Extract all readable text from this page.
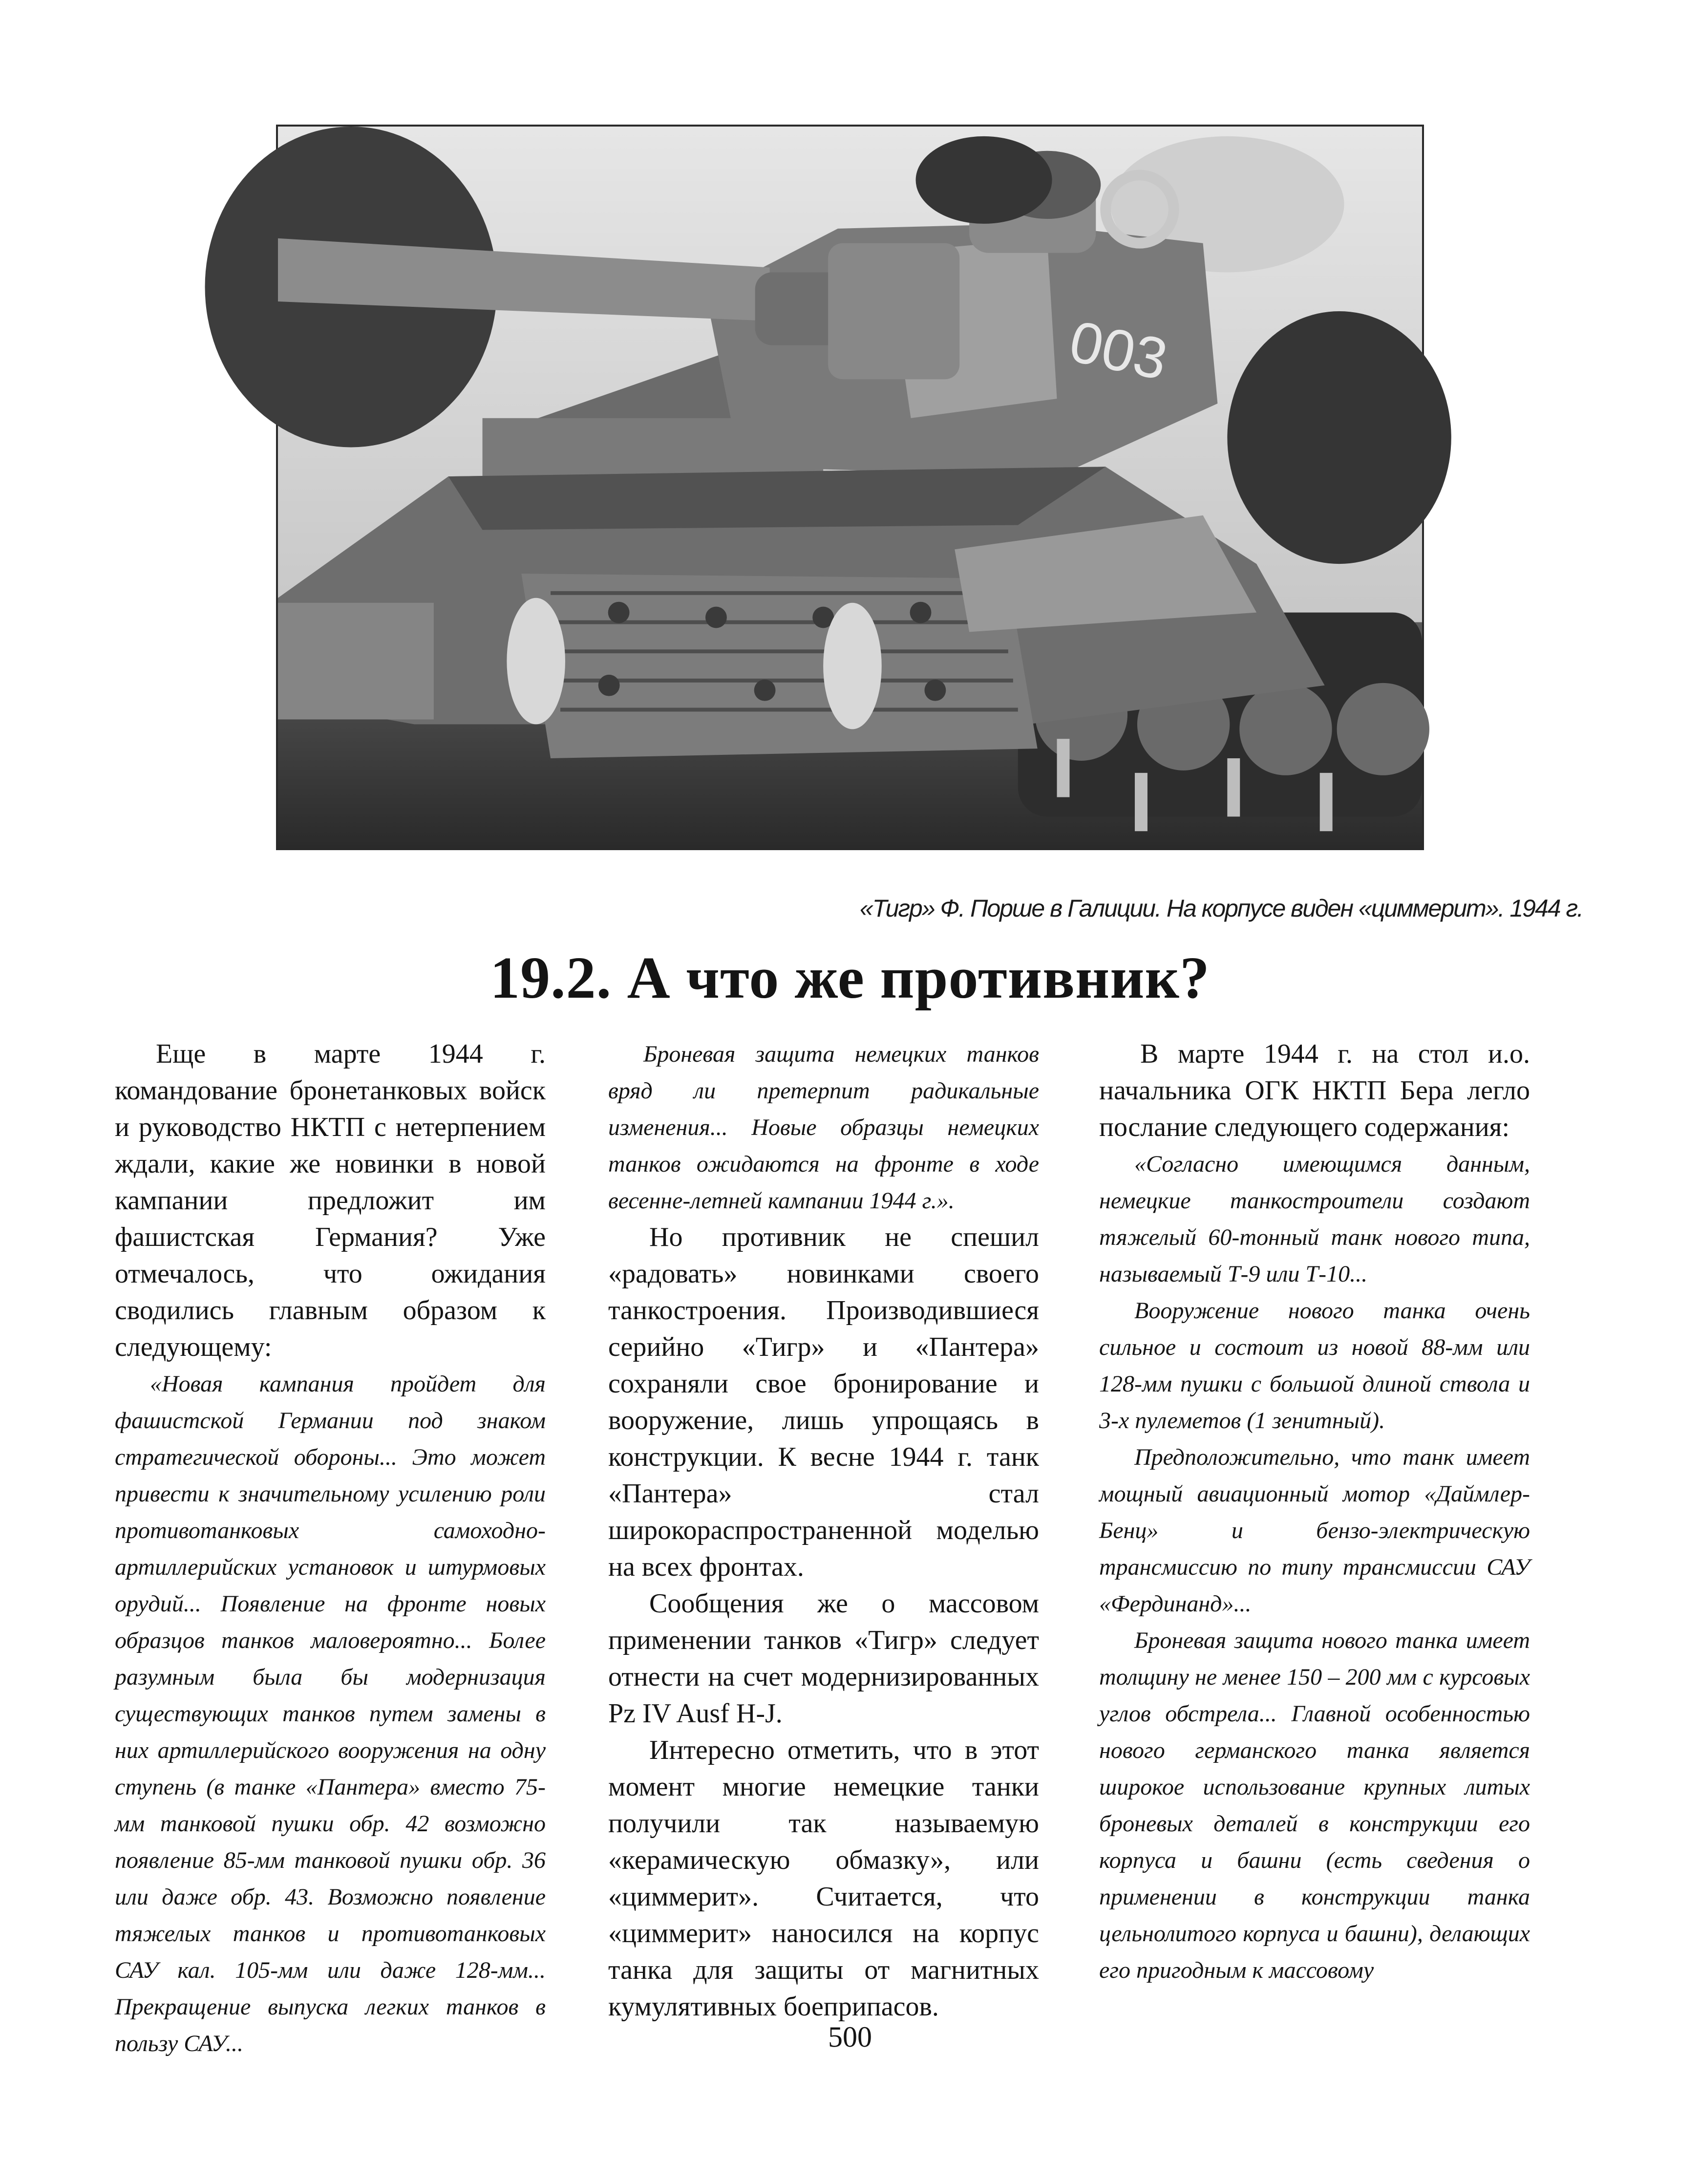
003
«Тигр» Ф. Порше в Галиции. На корпусе виден «циммерит». 1944 г.
19.2. А что же противник?

Еще в марте 1944 г. командование бронетанковых войск и руководство НКТП с нетерпением ждали, какие же новинки в новой кампании предложит им фашистская Германия? Уже отмечалось, что ожидания сводились главным образом к следующему:

«Новая кампания пройдет для фашистской Германии под знаком стратегической обороны... Это может привести к значительному усилению роли противотанковых самоходно-артиллерийских установок и штурмовых орудий... Появление на фронте новых образцов танков маловероятно... Более разумным была бы модернизация существующих танков путем замены в них артиллерийского вооружения на одну ступень (в танке «Пантера» вместо 75-мм танковой пушки обр. 42 возможно появление 85-мм танковой пушки обр. 36 или даже обр. 43. Возможно появление тяжелых танков и противотанковых САУ кал. 105-мм или даже 128-мм... Прекращение выпуска легких танков в пользу САУ...

Броневая защита немецких танков вряд ли претерпит радикальные изменения... Новые образцы немецких танков ожидаются на фронте в ходе весенне-летней кампании 1944 г.».

Но противник не спешил «радовать» новинками своего танкостроения. Производившиеся серийно «Тигр» и «Пантера» сохраняли свое бронирование и вооружение, лишь упрощаясь в конструкции. К весне 1944 г. танк «Пантера» стал широкораспространенной моделью на всех фронтах.

Сообщения же о массовом применении танков «Тигр» следует отнести на счет модернизированных Pz IV Ausf H-J.

Интересно отметить, что в этот момент многие немецкие танки получили так называемую «керамическую обмазку», или «циммерит». Считается, что «циммерит» наносился на корпус танка для защиты от магнитных кумулятивных боеприпасов.

В марте 1944 г. на стол и.о. начальника ОГК НКТП Бера легло послание следующего содержания:

«Согласно имеющимся данным, немецкие танкостроители создают тяжелый 60-тонный танк нового типа, называемый Т-9 или Т-10...

Вооружение нового танка очень сильное и состоит из новой 88-мм или 128-мм пушки с большой длиной ствола и 3-х пулеметов (1 зенитный).

Предположительно, что танк имеет мощный авиационный мотор «Даймлер-Бенц» и бензо-электрическую трансмиссию по типу трансмиссии САУ «Фердинанд»...

Броневая защита нового танка имеет толщину не менее 150 – 200 мм с курсовых углов обстрела... Главной особенностью нового германского танка является широкое использование крупных литых броневых деталей в конструкции его корпуса и башни (есть сведения о применении в конструкции танка цельнолитого корпуса и башни), делающих его пригодным к массовому

500
